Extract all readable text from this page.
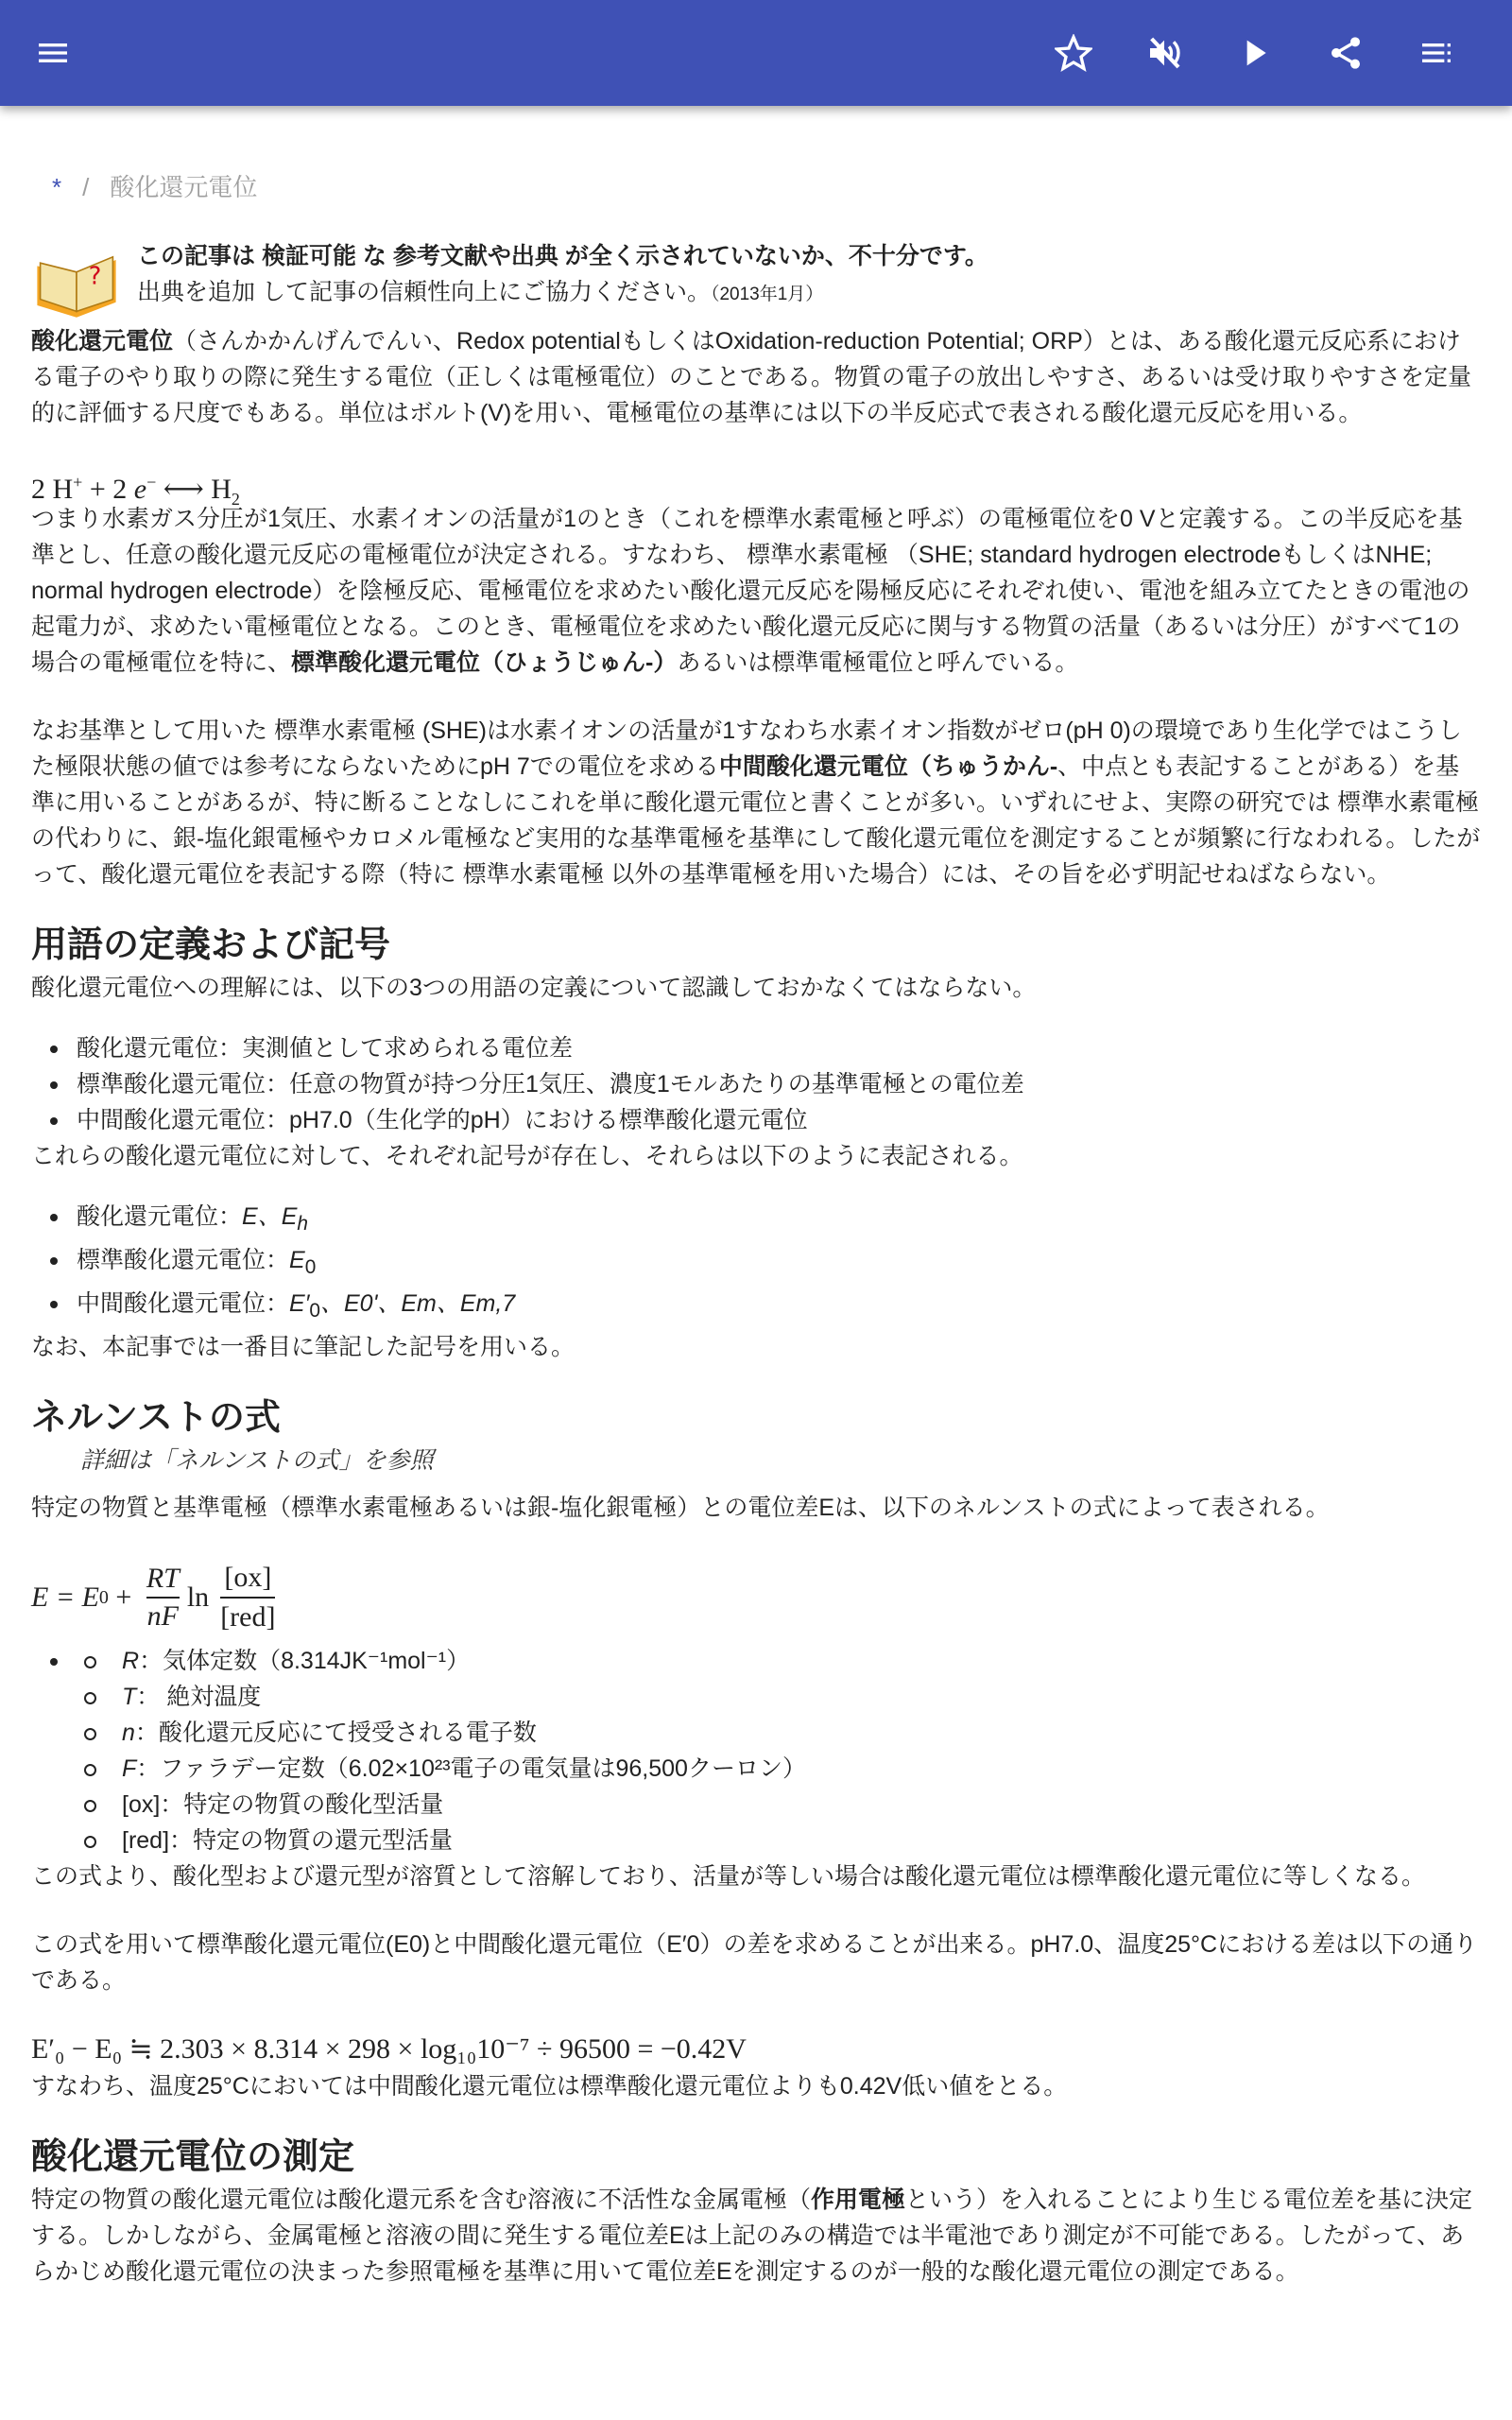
* / 酸化還元電位
?
この記事は 検証可能 な 参考文献や出典 が全く示されていないか、不十分です。
出典を追加 して記事の信頼性向上にご協力ください。（2013年1月）

酸化還元電位（さんかかんげんでんい、Redox potentialもしくはOxidation-reduction Potential; ORP）とは、ある酸化還元反応系における電子のやり取りの際に発生する電位（正しくは電極電位）のことである。物質の電子の放出しやすさ、あるいは受け取りやすさを定量的に評価する尺度でもある。単位はボルト(V)を用い、電極電位の基準には以下の半反応式で表される酸化還元反応を用いる。

2 H+ + 2 e− ⟷ $H_2$

つまり水素ガス分圧が1気圧、水素イオンの活量が1のとき（これを標準水素電極と呼ぶ）の電極電位を0 Vと定義する。この半反応を基準とし、任意の酸化還元反応の電極電位が決定される。すなわち、 標準水素電極 （SHE; standard hydrogen electrodeもしくはNHE; normal hydrogen electrode）を陰極反応、電極電位を求めたい酸化還元反応を陽極反応にそれぞれ使い、電池を組み立てたときの電池の起電力が、求めたい電極電位となる。このとき、電極電位を求めたい酸化還元反応に関与する物質の活量（あるいは分圧）がすべて1の場合の電極電位を特に、標準酸化還元電位（ひょうじゅん-）あるいは標準電極電位と呼んでいる。

なお基準として用いた 標準水素電極 (SHE)は水素イオンの活量が1すなわち水素イオン指数がゼロ(pH 0)の環境であり生化学ではこうした極限状態の値では参考にならないためにpH 7での電位を求める中間酸化還元電位（ちゅうかん-、中点とも表記することがある）を基準に用いることがあるが、特に断ることなしにこれを単に酸化還元電位と書くことが多い。いずれにせよ、実際の研究では 標準水素電極 の代わりに、銀-塩化銀電極やカロメル電極など実用的な基準電極を基準にして酸化還元電位を測定することが頻繁に行なわれる。したがって、酸化還元電位を表記する際（特に 標準水素電極 以外の基準電極を用いた場合）には、その旨を必ず明記せねばならない。

用語の定義および記号

酸化還元電位への理解には、以下の3つの用語の定義について認識しておかなくてはならない。

酸化還元電位：実測値として求められる電位差
標準酸化還元電位：任意の物質が持つ分圧1気圧、濃度1モルあたりの基準電極との電位差
中間酸化還元電位：pH7.0（生化学的pH）における標準酸化還元電位

これらの酸化還元電位に対して、それぞれ記号が存在し、それらは以下のように表記される。

酸化還元電位：E、$E_h$
標準酸化還元電位：$E_0$
中間酸化還元電位：$E'_0$、E0'、Em、Em,7

なお、本記事では一番目に筆記した記号を用いる。

ネルンストの式

詳細は「ネルンストの式」を参照

特定の物質と基準電極（標準水素電極あるいは銀-塩化銀電極）との電位差Eは、以下のネルンストの式によって表される。

E = E $0 + \frac{RT}{nF}$ $\ln \frac{[ox]}{\text{[red]}}$
R：気体定数（8.314JK⁻¹mol⁻¹）
T： 絶対温度
n：酸化還元反応にて授受される電子数
F：ファラデー定数（6.02×10²³電子の電気量は96,500クーロン）
[ox]：特定の物質の酸化型活量
[red]：特定の物質の還元型活量

この式より、酸化型および還元型が溶質として溶解しており、活量が等しい場合は酸化還元電位は標準酸化還元電位に等しくなる。

この式を用いて標準酸化還元電位(E0)と中間酸化還元電位（E′0）の差を求めることが出来る。pH7.0、温度25°Cにおける差は以下の通りである。

E′₀ − E₀ ≒ 2.303 × 8.314 × 298 × log₁₀10⁻⁷ ÷ 96500 = −0.42V

すなわち、温度25°Cにおいては中間酸化還元電位は標準酸化還元電位よりも0.42V低い値をとる。

酸化還元電位の測定

特定の物質の酸化還元電位は酸化還元系を含む溶液に不活性な金属電極（作用電極という）を入れることにより生じる電位差を基に決定する。しかしながら、金属電極と溶液の間に発生する電位差Eは上記のみの構造では半電池であり測定が不可能である。したがって、あらかじめ酸化還元電位の決まった参照電極を基準に用いて電位差Eを測定するのが一般的な酸化還元電位の測定である。
